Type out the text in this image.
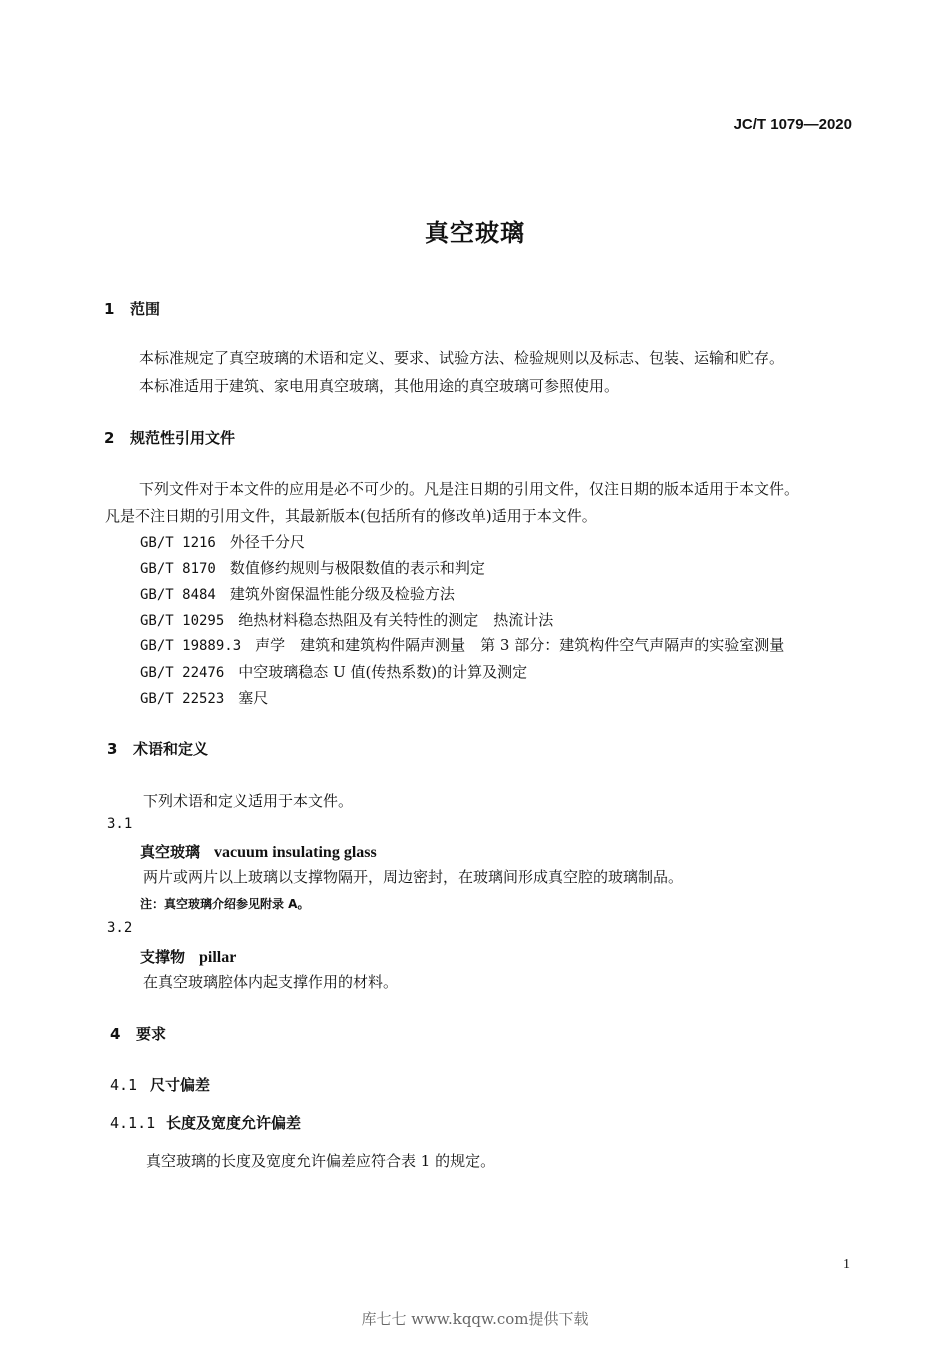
JC/T 1079—2020
真空玻璃
1 范围
本标准规定了真空玻璃的术语和定义、要求、试验方法、检验规则以及标志、包装、运输和贮存。
本标准适用于建筑、家电用真空玻璃，其他用途的真空玻璃可参照使用。
2 规范性引用文件
下列文件对于本文件的应用是必不可少的。凡是注日期的引用文件，仅注日期的版本适用于本文件。
凡是不注日期的引用文件，其最新版本(包括所有的修改单)适用于本文件。
GB/T 1216 外径千分尺
GB/T 8170 数值修约规则与极限数值的表示和判定
GB/T 8484 建筑外窗保温性能分级及检验方法
GB/T 10295 绝热材料稳态热阻及有关特性的测定　热流计法
GB/T 19889.3 声学　建筑和建筑构件隔声测量　第 3 部分：建筑构件空气声隔声的实验室测量
GB/T 22476 中空玻璃稳态 U 值(传热系数)的计算及测定
GB/T 22523 塞尺
3 术语和定义
下列术语和定义适用于本文件。
3.1
真空玻璃 vacuum insulating glass
两片或两片以上玻璃以支撑物隔开，周边密封，在玻璃间形成真空腔的玻璃制品。
注：真空玻璃介绍参见附录 A。
3.2
支撑物 pillar
在真空玻璃腔体内起支撑作用的材料。
4 要求
4.1 尺寸偏差
4.1.1 长度及宽度允许偏差
真空玻璃的长度及宽度允许偏差应符合表 1 的规定。
1
库七七 www.kqqw.com提供下载
